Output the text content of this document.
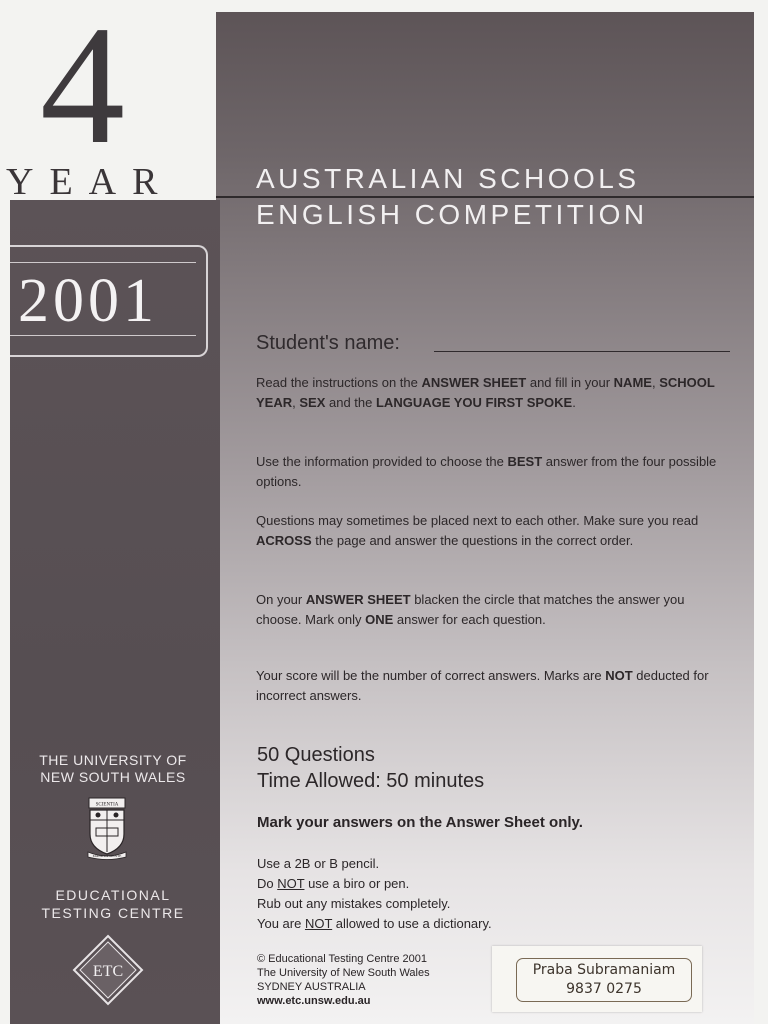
4
YEAR
2001
AUSTRALIAN SCHOOLS
ENGLISH COMPETITION
Student's name:

Read the instructions on the ANSWER SHEET and fill in your NAME, SCHOOL YEAR, SEX and the LANGUAGE YOU FIRST SPOKE.

Use the information provided to choose the BEST answer from the four possible options.

Questions may sometimes be placed next to each other. Make sure you read ACROSS the page and answer the questions in the correct order.

On your ANSWER SHEET blacken the circle that matches the answer you choose. Mark only ONE answer for each question.

Your score will be the number of correct answers. Marks are NOT deducted for incorrect answers.

50 Questions
Time Allowed: 50 minutes
Mark your answers on the Answer Sheet only.
Use a 2B or B pencil.
Do NOT use a biro or pen.
Rub out any mistakes completely.
You are NOT allowed to use a dictionary.
© Educational Testing Centre 2001
The University of New South Wales
SYDNEY AUSTRALIA
www.etc.unsw.edu.au
THE UNIVERSITY OF
NEW SOUTH WALES
SCIENTIA
MANU ET MENTE
EDUCATIONAL
TESTING CENTRE
ETC	Praba Subramaniam
9837 0275
